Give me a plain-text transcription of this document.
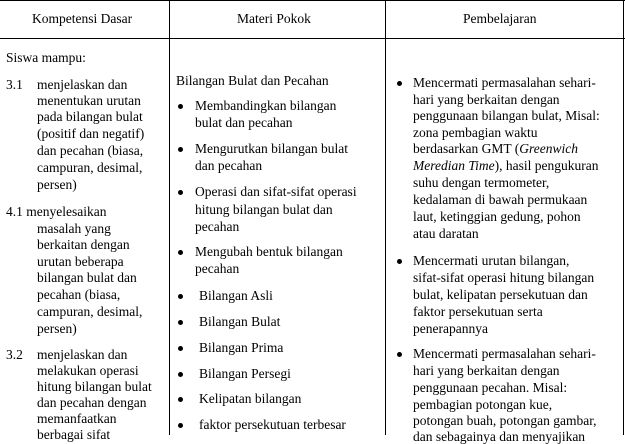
Kompetensi Dasar	Materi Pokok	Pembelajaran
Siswa mampu:
3.1 menjelaskan dan
menentukan urutan
pada bilangan bulat
(positif dan negatif)
dan pecahan (biasa,
campuran, desimal,
persen)
4.1 menyelesaikan
masalah yang
berkaitan dengan
urutan beberapa
bilangan bulat dan
pecahan (biasa,
campuran, desimal,
persen)
3.2 menjelaskan dan
melakukan operasi
hitung bilangan bulat
dan pecahan dengan
memanfaatkan
berbagai sifat
Bilangan Bulat dan Pecahan
Membandingkan bilangan
bulat dan pecahan
Mengurutkan bilangan bulat
dan pecahan
Operasi dan sifat-sifat operasi
hitung bilangan bulat dan
pecahan
Mengubah bentuk bilangan
pecahan
Bilangan Asli
Bilangan Bulat
Bilangan Prima
Bilangan Persegi
Kelipatan bilangan
faktor persekutuan terbesar
Mencermati permasalahan sehari-
hari yang berkaitan dengan
penggunaan bilangan bulat, Misal:
zona pembagian waktu
berdasarkan GMT (Greenwich
Meredian Time), hasil pengukuran
suhu dengan termometer,
kedalaman di bawah permukaan
laut, ketinggian gedung, pohon
atau daratan
Mencermati urutan bilangan,
sifat-sifat operasi hitung bilangan
bulat, kelipatan persekutuan dan
faktor persekutuan serta
penerapannya
Mencermati permasalahan sehari-
hari yang berkaitan dengan
penggunaan pecahan. Misal:
pembagian potongan kue,
potongan buah, potongan gambar,
dan sebagainya dan menyajikan
